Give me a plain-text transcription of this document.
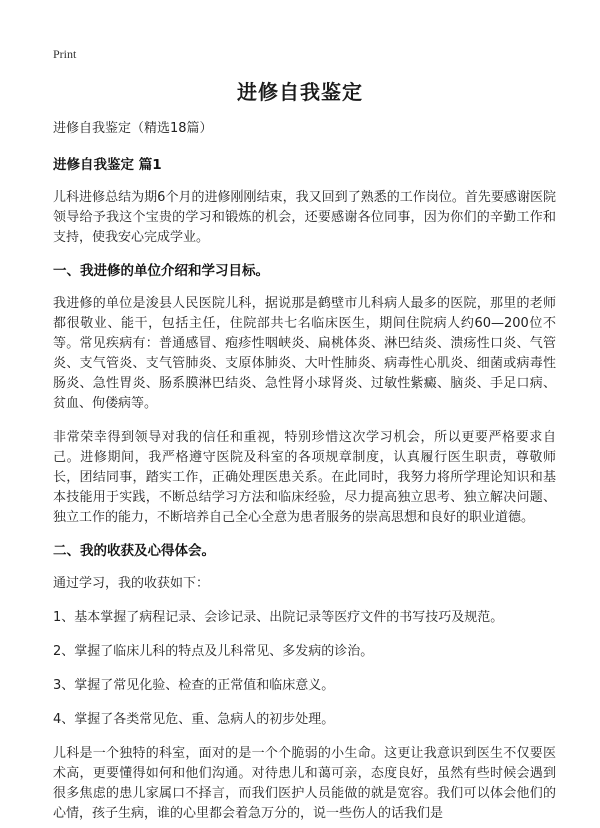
Print
进修自我鉴定

进修自我鉴定（精选18篇）

进修自我鉴定 篇1

儿科进修总结为期6个月的进修刚刚结束，我又回到了熟悉的工作岗位。首先要感谢医院领导给予我这个宝贵的学习和锻炼的机会，还要感谢各位同事，因为你们的辛勤工作和支持，使我安心完成学业。

一、我进修的单位介绍和学习目标。

我进修的单位是浚县人民医院儿科，据说那是鹤壁市儿科病人最多的医院，那里的老师都很敬业、能干，包括主任，住院部共七名临床医生，期间住院病人约60—200位不等。常见疾病有：普通感冒、疱疹性咽峡炎、扁桃体炎、淋巴结炎、溃疡性口炎、气管炎、支气管炎、支气管肺炎、支原体肺炎、大叶性肺炎、病毒性心肌炎、细菌或病毒性肠炎、急性胃炎、肠系膜淋巴结炎、急性肾小球肾炎、过敏性紫癜、脑炎、手足口病、贫血、佝偻病等。

非常荣幸得到领导对我的信任和重视，特别珍惜这次学习机会，所以更要严格要求自己。进修期间，我严格遵守医院及科室的各项规章制度，认真履行医生职责，尊敬师长，团结同事，踏实工作，正确处理医患关系。在此同时，我努力将所学理论知识和基本技能用于实践，不断总结学习方法和临床经验，尽力提高独立思考、独立解决问题、独立工作的能力，不断培养自己全心全意为患者服务的崇高思想和良好的职业道德。

二、我的收获及心得体会。

通过学习，我的收获如下：

1、基本掌握了病程记录、会诊记录、出院记录等医疗文件的书写技巧及规范。

2、掌握了临床儿科的特点及儿科常见、多发病的诊治。

3、掌握了常见化验、检查的正常值和临床意义。

4、掌握了各类常见危、重、急病人的初步处理。

儿科是一个独特的科室，面对的是一个个脆弱的小生命。这更让我意识到医生不仅要医术高，更要懂得如何和他们沟通。对待患儿和蔼可亲，态度良好，虽然有些时候会遇到很多焦虑的患儿家属口不择言，而我们医护人员能做的就是宽容。我们可以体会他们的心情，孩子生病，谁的心里都会着急万分的，说一些伤人的话我们是
